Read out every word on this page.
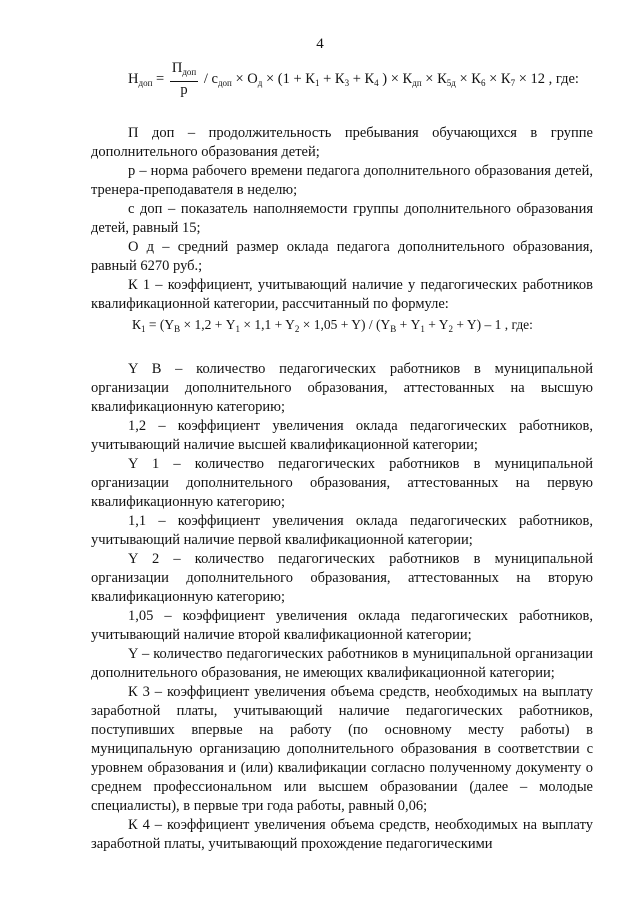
4
$Н_{доп} = \frac{П_{доп}}{р} / с_{доп} \times О_д \times (1 + К_1 + К_3 + К_4$ ) × $К_{дп} \times К_{5д} \times К_6 \times К_7 \times 12$ , где:

П доп – продолжительность пребывания обучающихся в группе дополнительного образования детей;

р – норма рабочего времени педагога дополнительного образования детей, тренера-преподавателя в неделю;

с доп – показатель наполняемости группы дополнительного образования детей, равный 15;

О д – средний размер оклада педагога дополнительного образования, равный 6270 руб.;

К 1 – коэффициент, учитывающий наличие у педагогических работников квалификационной категории, рассчитанный по формуле:

$К_1 = (Y_В \times 1,2 + Y_1 \times 1,1 + Y_2 \times 1,05 + Y) / (Y_В + Y_1 + Y_2 + Y) - 1$ , где:

Y В – количество педагогических работников в муниципальной организации дополнительного образования, аттестованных на высшую квалификационную категорию;

1,2 – коэффициент увеличения оклада педагогических работников, учитывающий наличие высшей квалификационной категории;

Y 1 – количество педагогических работников в муниципальной организации дополнительного образования, аттестованных на первую квалификационную категорию;

1,1 – коэффициент увеличения оклада педагогических работников, учитывающий наличие первой квалификационной категории;

Y 2 – количество педагогических работников в муниципальной организации дополнительного образования, аттестованных на вторую квалификационную категорию;

1,05 – коэффициент увеличения оклада педагогических работников, учитывающий наличие второй квалификационной категории;

Y – количество педагогических работников в муниципальной организации дополнительного образования, не имеющих квалификационной категории;

К 3 – коэффициент увеличения объема средств, необходимых на выплату заработной платы, учитывающий наличие педагогических работников, поступивших впервые на работу (по основному месту работы) в муниципальную организацию дополнительного образования в соответствии с уровнем образования и (или) квалификации согласно полученному документу о среднем профессиональном или высшем образовании (далее – молодые специалисты), в первые три года работы, равный 0,06;

К 4 – коэффициент увеличения объема средств, необходимых на выплату заработной платы, учитывающий прохождение педагогическими
